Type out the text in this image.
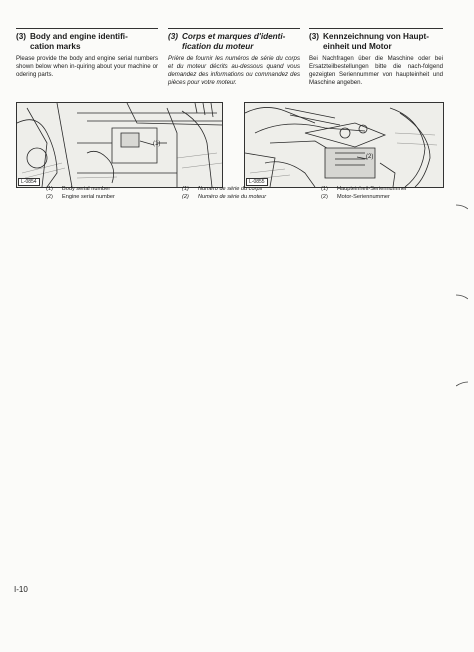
(3) Body and engine identifi-
cation marks
Please provide the body and engine serial numbers shown below when in-quiring about your machine or odering parts.
(3) Corps et marques d'identi-
fication du moteur
Prière de fournir les numéros de série du corps et du moteur décrits au-dessous quand vous demandez des informations ou commandez des pièces pour votre moteur.
(3) Kennzeichnung von Haupt-
einheit und Motor
Bei Nachfragen über die Maschine oder bei Ersatzteilbestellungen bitte die nach-folgend gezeigten Seriennummer von haupteinheit und Maschine angeben.
(1)
L-0854
(2)
L-0855
(1) Body serial number
(2) Engine serial number
(1) Numéro de série du corps
(2) Numéro de série du moteur
(1) Haupteinheit-Seriennummer
(2) Motor-Seriennummer
I-10
